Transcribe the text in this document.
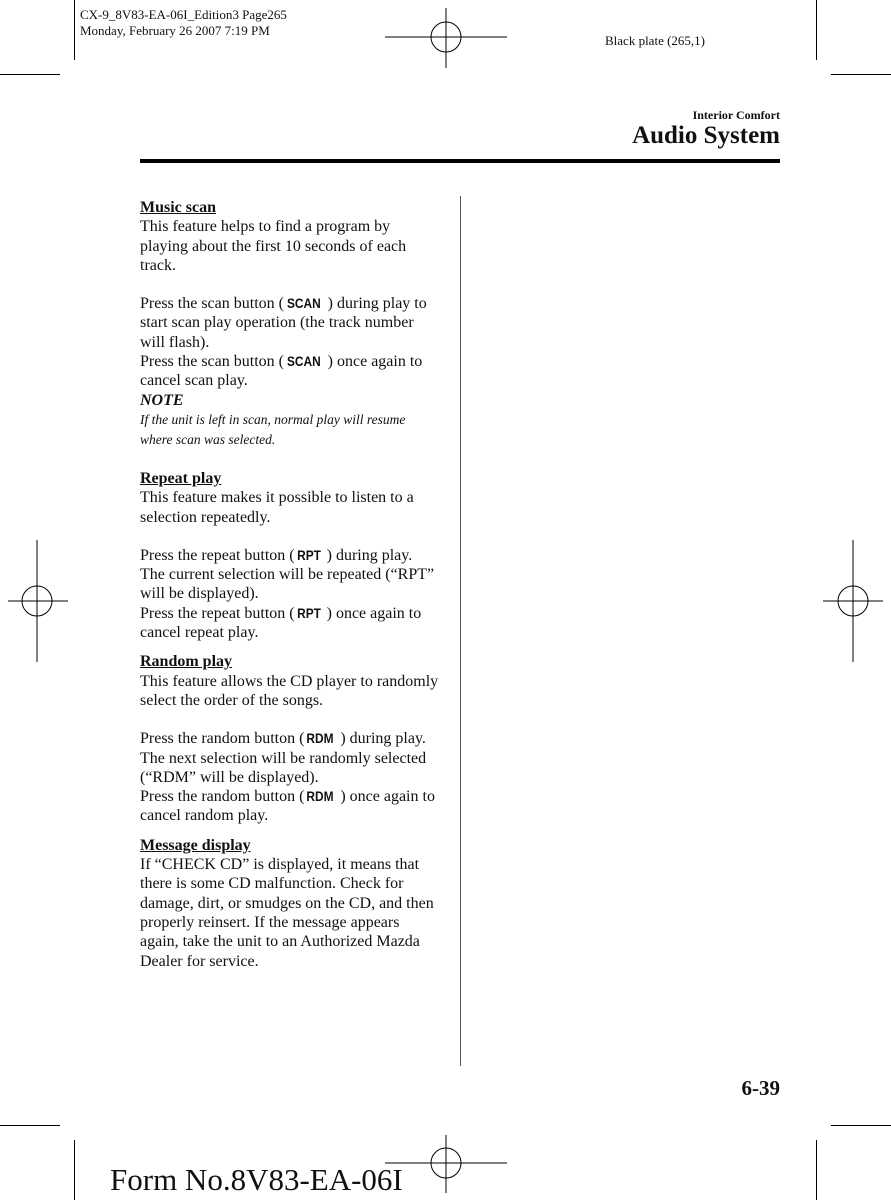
CX-9_8V83-EA-06I_Edition3 Page265
Monday, February 26 2007 7:19 PM
Black plate (265,1)
Interior Comfort
Audio System

Music scan

This feature helps to find a program by playing about the first 10 seconds of each track.

Press the scan button ( SCAN ) during play to start scan play operation (the track number will flash).

Press the scan button ( SCAN ) once again to cancel scan play.

NOTE

If the unit is left in scan, normal play will resume where scan was selected.

Repeat play

This feature makes it possible to listen to a selection repeatedly.

Press the repeat button ( RPT ) during play. The current selection will be repeated (“RPT” will be displayed).

Press the repeat button ( RPT ) once again to cancel repeat play.

Random play

This feature allows the CD player to randomly select the order of the songs.

Press the random button ( RDM ) during play. The next selection will be randomly selected (“RDM” will be displayed).

Press the random button ( RDM ) once again to cancel random play.

Message display

If “CHECK CD” is displayed, it means that there is some CD malfunction. Check for damage, dirt, or smudges on the CD, and then properly reinsert. If the message appears again, take the unit to an Authorized Mazda Dealer for service.

6-39
Form No.8V83-EA-06I
